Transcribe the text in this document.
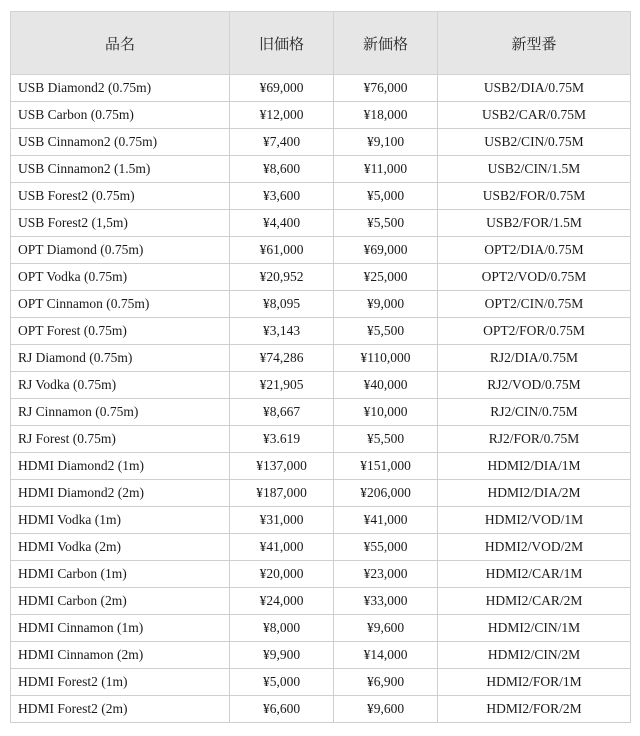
品名	旧価格	新価格	新型番
USB Diamond2 (0.75m)	¥69,000	¥76,000	USB2/DIA/0.75M
USB Carbon (0.75m)	¥12,000	¥18,000	USB2/CAR/0.75M
USB Cinnamon2 (0.75m)	¥7,400	¥9,100	USB2/CIN/0.75M
USB Cinnamon2 (1.5m)	¥8,600	¥11,000	USB2/CIN/1.5M
USB Forest2 (0.75m)	¥3,600	¥5,000	USB2/FOR/0.75M
USB Forest2 (1,5m)	¥4,400	¥5,500	USB2/FOR/1.5M
OPT Diamond (0.75m)	¥61,000	¥69,000	OPT2/DIA/0.75M
OPT Vodka (0.75m)	¥20,952	¥25,000	OPT2/VOD/0.75M
OPT Cinnamon (0.75m)	¥8,095	¥9,000	OPT2/CIN/0.75M
OPT Forest (0.75m)	¥3,143	¥5,500	OPT2/FOR/0.75M
RJ Diamond (0.75m)	¥74,286	¥110,000	RJ2/DIA/0.75M
RJ Vodka (0.75m)	¥21,905	¥40,000	RJ2/VOD/0.75M
RJ Cinnamon (0.75m)	¥8,667	¥10,000	RJ2/CIN/0.75M
RJ Forest (0.75m)	¥3.619	¥5,500	RJ2/FOR/0.75M
HDMI Diamond2 (1m)	¥137,000	¥151,000	HDMI2/DIA/1M
HDMI Diamond2 (2m)	¥187,000	¥206,000	HDMI2/DIA/2M
HDMI Vodka (1m)	¥31,000	¥41,000	HDMI2/VOD/1M
HDMI Vodka (2m)	¥41,000	¥55,000	HDMI2/VOD/2M
HDMI Carbon (1m)	¥20,000	¥23,000	HDMI2/CAR/1M
HDMI Carbon (2m)	¥24,000	¥33,000	HDMI2/CAR/2M
HDMI Cinnamon (1m)	¥8,000	¥9,600	HDMI2/CIN/1M
HDMI Cinnamon (2m)	¥9,900	¥14,000	HDMI2/CIN/2M
HDMI Forest2 (1m)	¥5,000	¥6,900	HDMI2/FOR/1M
HDMI Forest2 (2m)	¥6,600	¥9,600	HDMI2/FOR/2M
